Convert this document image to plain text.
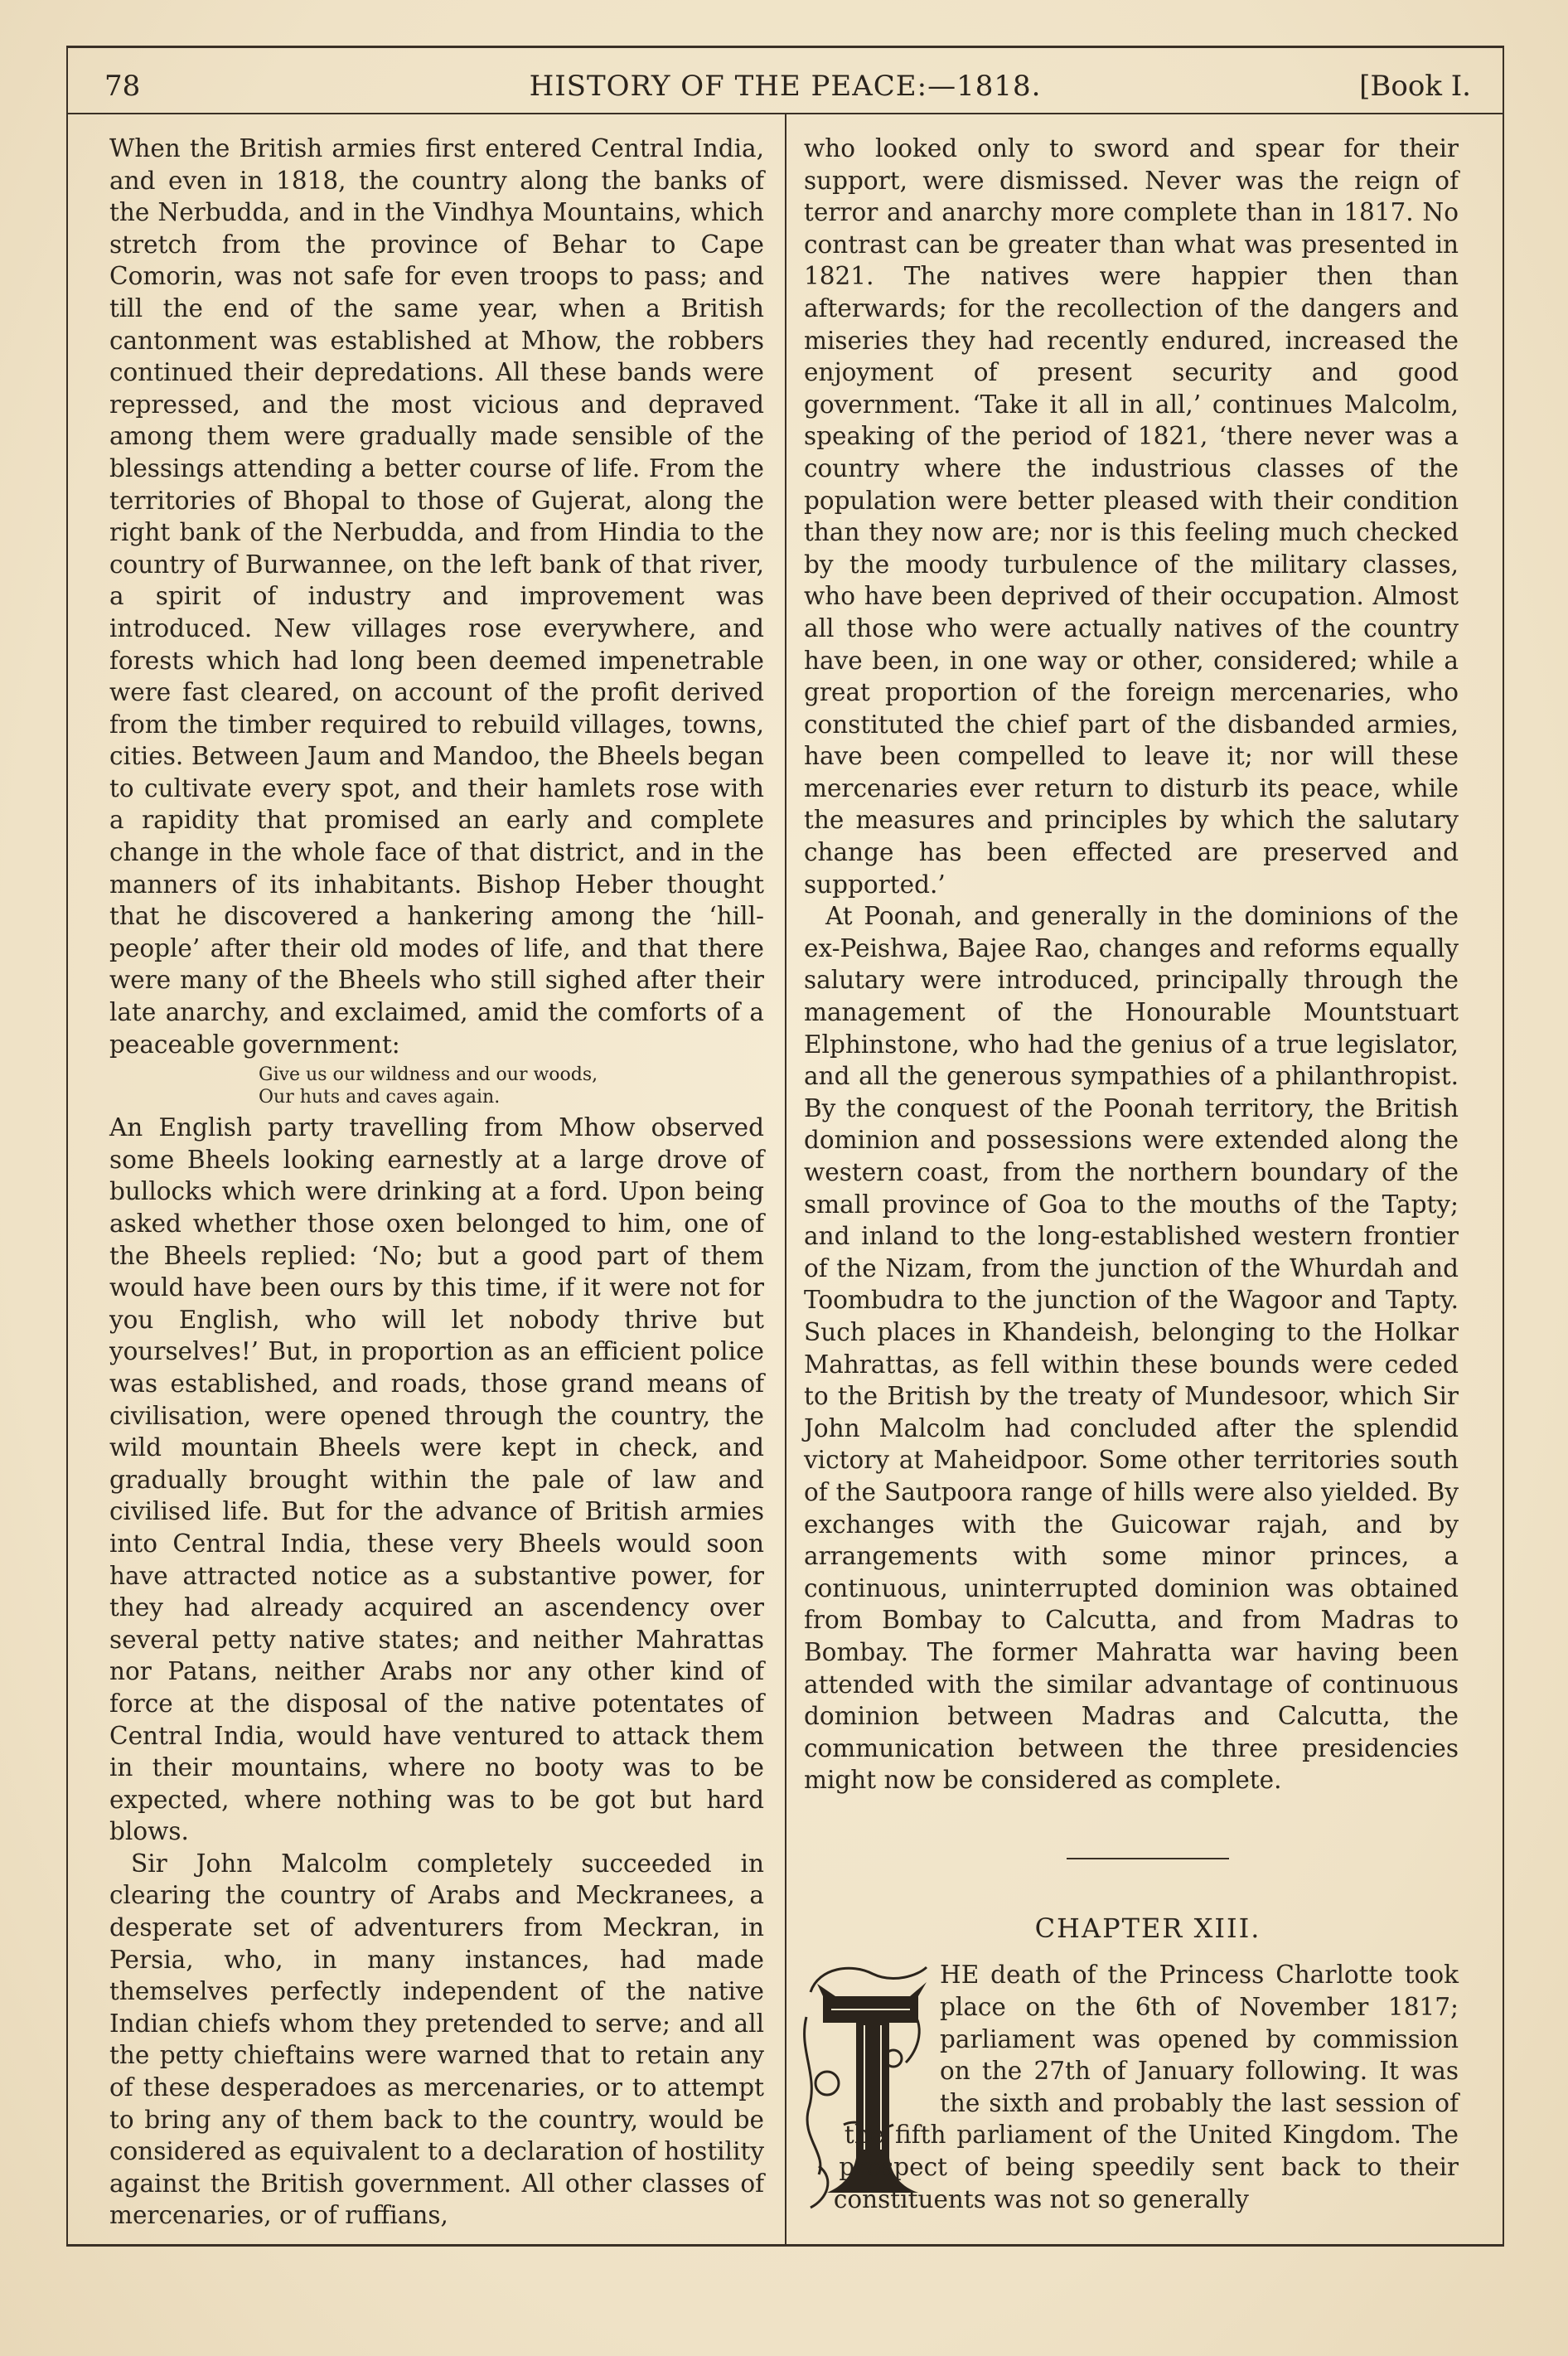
78	HISTORY OF THE PEACE:—1818.	[Book I.

When the British armies first entered Central India, and even in 1818, the country along the banks of the Nerbudda, and in the Vindhya Mountains, which stretch from the province of Behar to Cape Comorin, was not safe for even troops to pass; and till the end of the same year, when a British cantonment was established at Mhow, the robbers continued their depredations. All these bands were repressed, and the most vicious and depraved among them were gradually made sensible of the blessings attending a better course of life. From the territories of Bhopal to those of Gujerat, along the right bank of the Nerbudda, and from Hindia to the country of Burwannee, on the left bank of that river, a spirit of industry and improvement was introduced. New villages rose everywhere, and forests which had long been deemed impenetrable were fast cleared, on account of the profit derived from the timber required to rebuild villages, towns, cities. Between Jaum and Mandoo, the Bheels began to cultivate every spot, and their hamlets rose with a rapidity that promised an early and complete change in the whole face of that district, and in the manners of its inhabitants. Bishop Heber thought that he discovered a hankering among the ‘hill-people’ after their old modes of life, and that there were many of the Bheels who still sighed after their late anarchy, and exclaimed, amid the comforts of a peaceable government:

Give us our wildness and our woods,
Our huts and caves again.

An English party travelling from Mhow observed some Bheels looking earnestly at a large drove of bullocks which were drinking at a ford. Upon being asked whether those oxen belonged to him, one of the Bheels replied: ‘No; but a good part of them would have been ours by this time, if it were not for you English, who will let nobody thrive but yourselves!’ But, in proportion as an efficient police was established, and roads, those grand means of civilisation, were opened through the country, the wild mountain Bheels were kept in check, and gradually brought within the pale of law and civilised life. But for the advance of British armies into Central India, these very Bheels would soon have attracted notice as a substantive power, for they had already acquired an ascendency over several petty native states; and neither Mahrattas nor Patans, neither Arabs nor any other kind of force at the disposal of the native potentates of Central India, would have ventured to attack them in their mountains, where no booty was to be expected, where nothing was to be got but hard blows.

Sir John Malcolm completely succeeded in clearing the country of Arabs and Meckranees, a desperate set of adventurers from Meckran, in Persia, who, in many instances, had made themselves perfectly independent of the native Indian chiefs whom they pretended to serve; and all the petty chieftains were warned that to retain any of these desperadoes as mercenaries, or to attempt to bring any of them back to the country, would be considered as equivalent to a declaration of hostility against the British government. All other classes of mercenaries, or of ruffians,

who looked only to sword and spear for their support, were dismissed. Never was the reign of terror and anarchy more complete than in 1817. No contrast can be greater than what was presented in 1821. The natives were happier then than afterwards; for the recollection of the dangers and miseries they had recently endured, increased the enjoyment of present security and good government. ‘Take it all in all,’ continues Malcolm, speaking of the period of 1821, ‘there never was a country where the industrious classes of the population were better pleased with their condition than they now are; nor is this feeling much checked by the moody turbulence of the military classes, who have been deprived of their occupation. Almost all those who were actually natives of the country have been, in one way or other, considered; while a great proportion of the foreign mercenaries, who constituted the chief part of the disbanded armies, have been compelled to leave it; nor will these mercenaries ever return to disturb its peace, while the measures and principles by which the salutary change has been effected are preserved and supported.’

At Poonah, and generally in the dominions of the ex-Peishwa, Bajee Rao, changes and reforms equally salutary were introduced, principally through the management of the Honourable Mountstuart Elphinstone, who had the genius of a true legislator, and all the generous sympathies of a philanthropist. By the conquest of the Poonah territory, the British dominion and possessions were extended along the western coast, from the northern boundary of the small province of Goa to the mouths of the Tapty; and inland to the long-established western frontier of the Nizam, from the junction of the Whurdah and Toombudra to the junction of the Wagoor and Tapty. Such places in Khandeish, belonging to the Holkar Mahrattas, as fell within these bounds were ceded to the British by the treaty of Mundesoor, which Sir John Malcolm had concluded after the splendid victory at Maheidpoor. Some other territories south of the Sautpoora range of hills were also yielded. By exchanges with the Guicowar rajah, and by arrangements with some minor princes, a continuous, uninterrupted dominion was obtained from Bombay to Calcutta, and from Madras to Bombay. The former Mahratta war having been attended with the similar advantage of continuous dominion between Madras and Calcutta, the communication between the three presidencies might now be considered as complete.

CHAPTER XIII.

HE death of the Princess Charlotte took place on the 6th of November 1817; parliament was opened by commission on the 27th of January following. It was the sixth and probably the last session of the fifth parliament of the United Kingdom. The prospect of being speedily sent back to their constituents was not so generally
